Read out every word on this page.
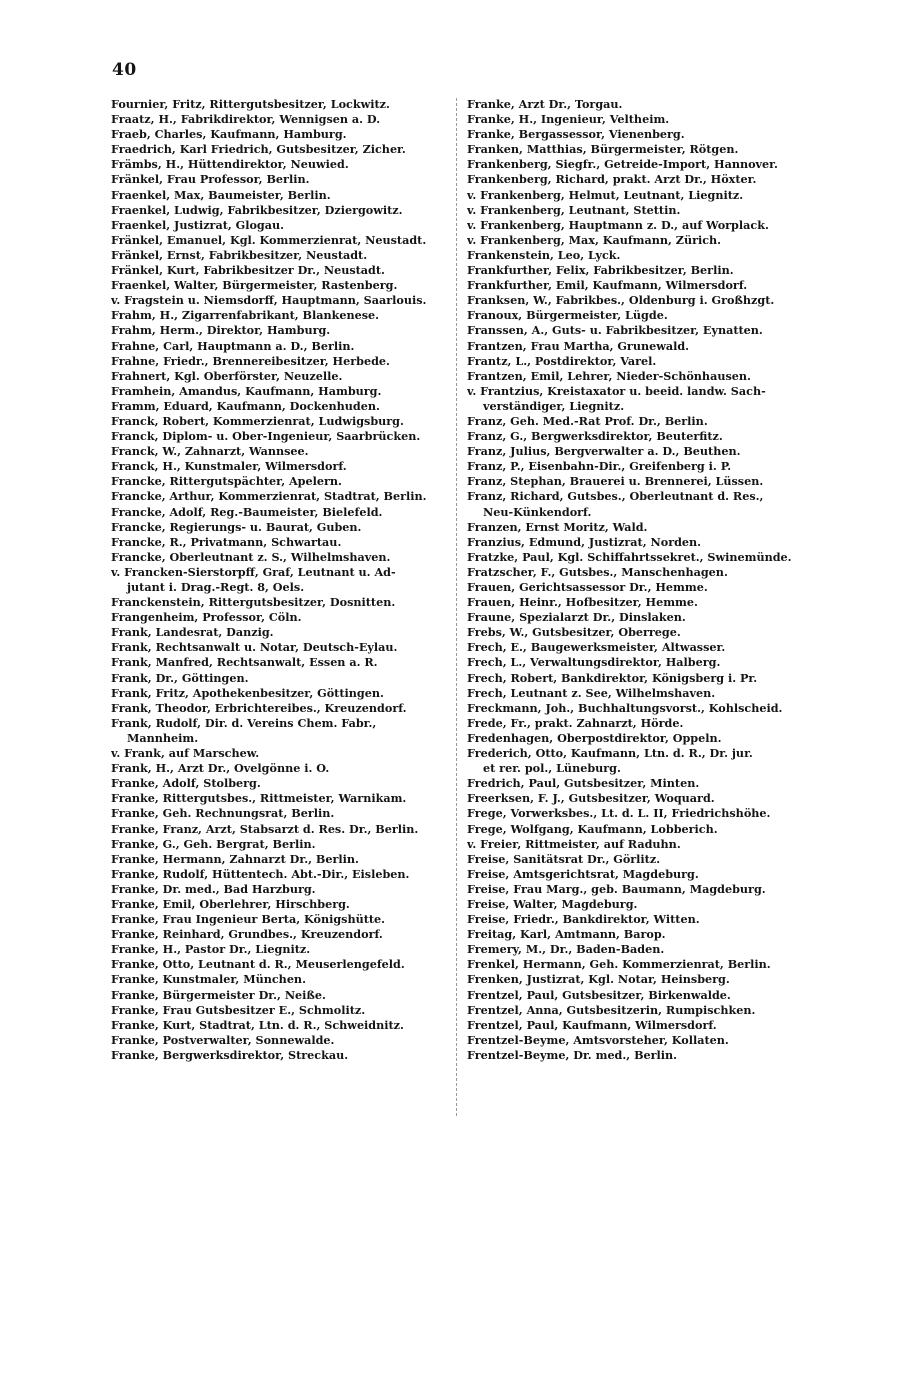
40
Fournier, Fritz, Rittergutsbesitzer, Lockwitz.
Fraatz, H., Fabrikdirektor, Wennigsen a. D.
Fraeb, Charles, Kaufmann, Hamburg.
Fraedrich, Karl Friedrich, Gutsbesitzer, Zicher.
Främbs, H., Hüttendirektor, Neuwied.
Fränkel, Frau Professor, Berlin.
Fraenkel, Max, Baumeister, Berlin.
Fraenkel, Ludwig, Fabrikbesitzer, Dziergowitz.
Fraenkel, Justizrat, Glogau.
Fränkel, Emanuel, Kgl. Kommerzienrat, Neustadt.
Fränkel, Ernst, Fabrikbesitzer, Neustadt.
Fränkel, Kurt, Fabrikbesitzer Dr., Neustadt.
Fraenkel, Walter, Bürgermeister, Rastenberg.
v. Fragstein u. Niemsdorff, Hauptmann, Saarlouis.
Frahm, H., Zigarrenfabrikant, Blankenese.
Frahm, Herm., Direktor, Hamburg.
Frahne, Carl, Hauptmann a. D., Berlin.
Frahne, Friedr., Brennereibesitzer, Herbede.
Frahnert, Kgl. Oberförster, Neuzelle.
Framhein, Amandus, Kaufmann, Hamburg.
Framm, Eduard, Kaufmann, Dockenhuden.
Franck, Robert, Kommerzienrat, Ludwigsburg.
Franck, Diplom- u. Ober-Ingenieur, Saarbrücken.
Franck, W., Zahnarzt, Wannsee.
Franck, H., Kunstmaler, Wilmersdorf.
Francke, Rittergutspächter, Apelern.
Francke, Arthur, Kommerzienrat, Stadtrat, Berlin.
Francke, Adolf, Reg.-Baumeister, Bielefeld.
Francke, Regierungs- u. Baurat, Guben.
Francke, R., Privatmann, Schwartau.
Francke, Oberleutnant z. S., Wilhelmshaven.
v. Francken-Sierstorpff, Graf, Leutnant u. Ad-
jutant i. Drag.-Regt. 8, Oels.
Franckenstein, Rittergutsbesitzer, Dosnitten.
Frangenheim, Professor, Cöln.
Frank, Landesrat, Danzig.
Frank, Rechtsanwalt u. Notar, Deutsch-Eylau.
Frank, Manfred, Rechtsanwalt, Essen a. R.
Frank, Dr., Göttingen.
Frank, Fritz, Apothekenbesitzer, Göttingen.
Frank, Theodor, Erbrichtereibes., Kreuzendorf.
Frank, Rudolf, Dir. d. Vereins Chem. Fabr.,
Mannheim.
v. Frank, auf Marschew.
Frank, H., Arzt Dr., Ovelgönne i. O.
Franke, Adolf, Stolberg.
Franke, Rittergutsbes., Rittmeister, Warnikam.
Franke, Geh. Rechnungsrat, Berlin.
Franke, Franz, Arzt, Stabsarzt d. Res. Dr., Berlin.
Franke, G., Geh. Bergrat, Berlin.
Franke, Hermann, Zahnarzt Dr., Berlin.
Franke, Rudolf, Hüttentech. Abt.-Dir., Eisleben.
Franke, Dr. med., Bad Harzburg.
Franke, Emil, Oberlehrer, Hirschberg.
Franke, Frau Ingenieur Berta, Königshütte.
Franke, Reinhard, Grundbes., Kreuzendorf.
Franke, H., Pastor Dr., Liegnitz.
Franke, Otto, Leutnant d. R., Meuserlengefeld.
Franke, Kunstmaler, München.
Franke, Bürgermeister Dr., Neiße.
Franke, Frau Gutsbesitzer E., Schmolitz.
Franke, Kurt, Stadtrat, Ltn. d. R., Schweidnitz.
Franke, Postverwalter, Sonnewalde.
Franke, Bergwerksdirektor, Streckau.
Franke, Arzt Dr., Torgau.
Franke, H., Ingenieur, Veltheim.
Franke, Bergassessor, Vienenberg.
Franken, Matthias, Bürgermeister, Rötgen.
Frankenberg, Siegfr., Getreide-Import, Hannover.
Frankenberg, Richard, prakt. Arzt Dr., Höxter.
v. Frankenberg, Helmut, Leutnant, Liegnitz.
v. Frankenberg, Leutnant, Stettin.
v. Frankenberg, Hauptmann z. D., auf Worplack.
v. Frankenberg, Max, Kaufmann, Zürich.
Frankenstein, Leo, Lyck.
Frankfurther, Felix, Fabrikbesitzer, Berlin.
Frankfurther, Emil, Kaufmann, Wilmersdorf.
Franksen, W., Fabrikbes., Oldenburg i. Großhzgt.
Franoux, Bürgermeister, Lügde.
Franssen, A., Guts- u. Fabrikbesitzer, Eynatten.
Frantzen, Frau Martha, Grunewald.
Frantz, L., Postdirektor, Varel.
Frantzen, Emil, Lehrer, Nieder-Schönhausen.
v. Frantzius, Kreistaxator u. beeid. landw. Sach-
verständiger, Liegnitz.
Franz, Geh. Med.-Rat Prof. Dr., Berlin.
Franz, G., Bergwerksdirektor, Beuterfitz.
Franz, Julius, Bergverwalter a. D., Beuthen.
Franz, P., Eisenbahn-Dir., Greifenberg i. P.
Franz, Stephan, Brauerei u. Brennerei, Lüssen.
Franz, Richard, Gutsbes., Oberleutnant d. Res.,
Neu-Künkendorf.
Franzen, Ernst Moritz, Wald.
Franzius, Edmund, Justizrat, Norden.
Fratzke, Paul, Kgl. Schiffahrtssekret., Swinemünde.
Fratzscher, F., Gutsbes., Manschenhagen.
Frauen, Gerichtsassessor Dr., Hemme.
Frauen, Heinr., Hofbesitzer, Hemme.
Fraune, Spezialarzt Dr., Dinslaken.
Frebs, W., Gutsbesitzer, Oberrege.
Frech, E., Baugewerksmeister, Altwasser.
Frech, L., Verwaltungsdirektor, Halberg.
Frech, Robert, Bankdirektor, Königsberg i. Pr.
Frech, Leutnant z. See, Wilhelmshaven.
Freckmann, Joh., Buchhaltungsvorst., Kohlscheid.
Frede, Fr., prakt. Zahnarzt, Hörde.
Fredenhagen, Oberpostdirektor, Oppeln.
Frederich, Otto, Kaufmann, Ltn. d. R., Dr. jur.
et rer. pol., Lüneburg.
Fredrich, Paul, Gutsbesitzer, Minten.
Freerksen, F. J., Gutsbesitzer, Woquard.
Frege, Vorwerksbes., Lt. d. L. II, Friedrichshöhe.
Frege, Wolfgang, Kaufmann, Lobberich.
v. Freier, Rittmeister, auf Raduhn.
Freise, Sanitätsrat Dr., Görlitz.
Freise, Amtsgerichtsrat, Magdeburg.
Freise, Frau Marg., geb. Baumann, Magdeburg.
Freise, Walter, Magdeburg.
Freise, Friedr., Bankdirektor, Witten.
Freitag, Karl, Amtmann, Barop.
Fremery, M., Dr., Baden-Baden.
Frenkel, Hermann, Geh. Kommerzienrat, Berlin.
Frenken, Justizrat, Kgl. Notar, Heinsberg.
Frentzel, Paul, Gutsbesitzer, Birkenwalde.
Frentzel, Anna, Gutsbesitzerin, Rumpischken.
Frentzel, Paul, Kaufmann, Wilmersdorf.
Frentzel-Beyme, Amtsvorsteher, Kollaten.
Frentzel-Beyme, Dr. med., Berlin.
